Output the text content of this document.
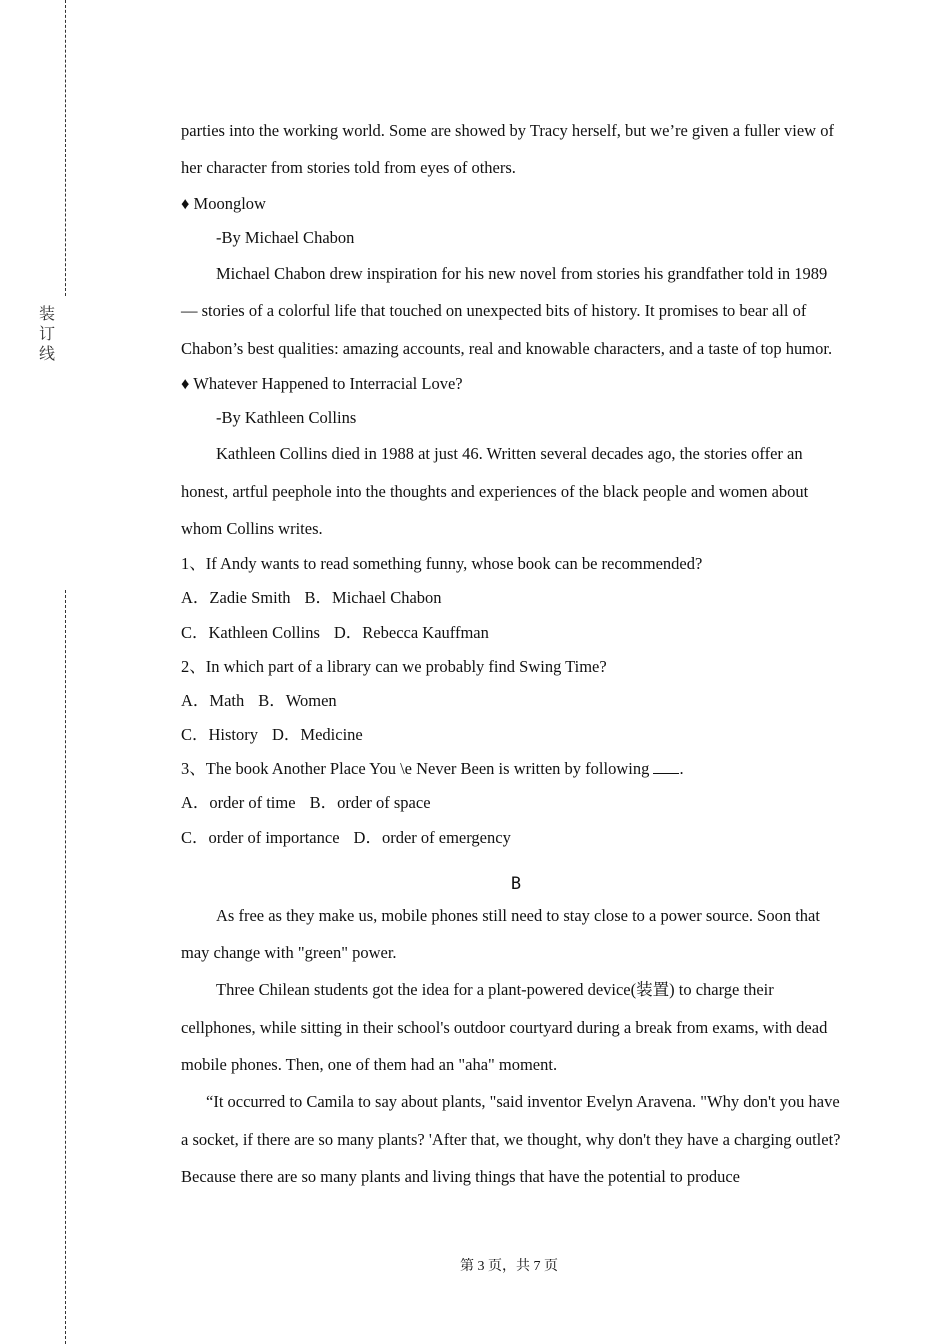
装
订
线

parties into the working world. Some are showed by Tracy herself, but we’re given a fuller view of her character from stories told from eyes of others.

♦ Moonglow

-By Michael Chabon

Michael Chabon drew inspiration for his new novel from stories his grandfather told in 1989 — stories of a colorful life that touched on unexpected bits of history. It promises to bear all of Chabon’s best qualities: amazing accounts, real and knowable characters, and a taste of top humor.

♦ Whatever Happened to Interracial Love?

-By Kathleen Collins

Kathleen Collins died in 1988 at just 46. Written several decades ago, the stories offer an honest, artful peephole into the thoughts and experiences of the black people and women about whom Collins writes.

1、If Andy wants to read something funny, whose book can be recommended?

A．Zadie Smith B．Michael Chabon

C．Kathleen Collins D．Rebecca Kauffman

2、In which part of a library can we probably find Swing Time?

A．Math B．Women

C．History D．Medicine

3、The book Another Place You \e Never Been is written by following .

A．order of time B．order of space

C．order of importance D．order of emergency

B

As free as they make us, mobile phones still need to stay close to a power source. Soon that may change with "green" power.

Three Chilean students got the idea for a plant-powered device(装置) to charge their cellphones, while sitting in their school's outdoor courtyard during a break from exams, with dead mobile phones. Then, one of them had an "aha" moment.

“It occurred to Camila to say about plants, "said inventor Evelyn Aravena. "Why don't you have a socket, if there are so many plants? 'After that, we thought, why don't they have a charging outlet? Because there are so many plants and living things that have the potential to produce

第 3 页，共 7 页
